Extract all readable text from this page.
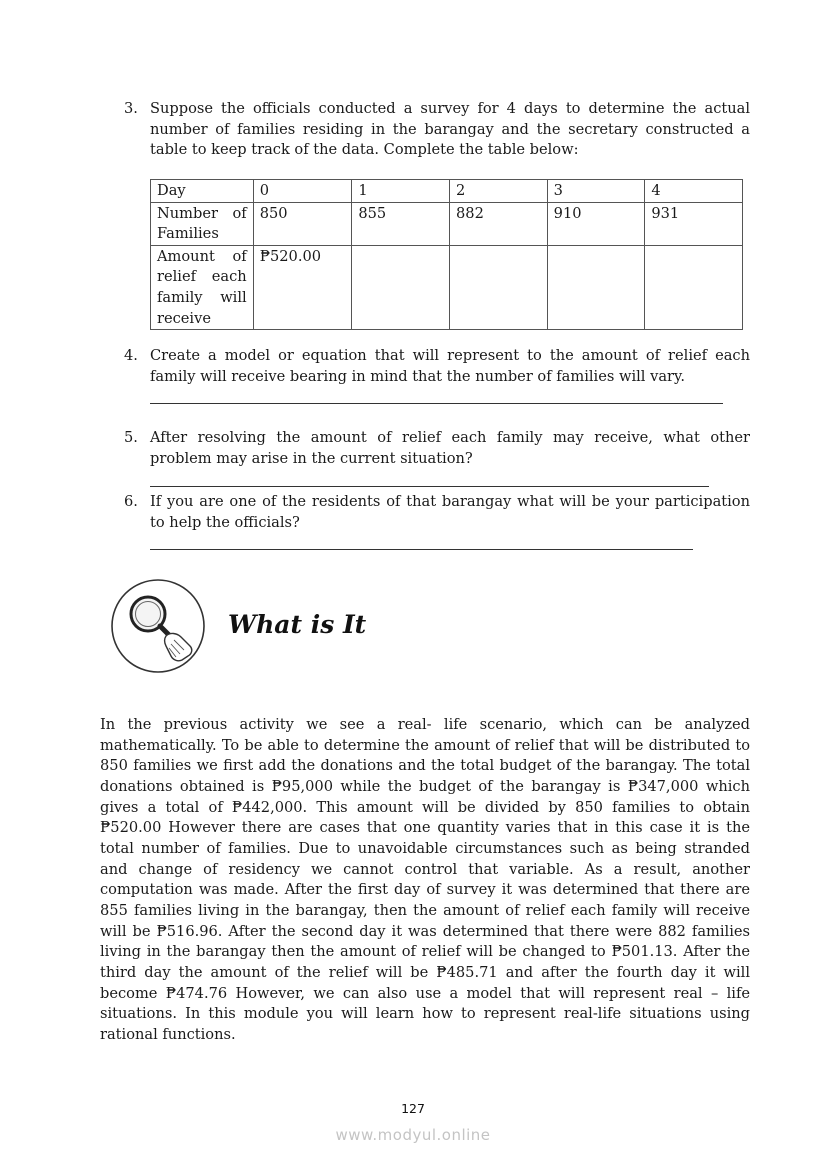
3. Suppose the officials conducted a survey for 4 days to determine the actual number of families residing in the barangay and the secretary constructed a table to keep track of the data. Complete the table below:
Day	0	1	2	3	4

Number of
Families	850	855	882	910	931

Amount of
relief each
family will
receive	₱520.00				
4. Create a model or equation that will represent to the amount of relief each family will receive bearing in mind that the number of families will vary.
5. After resolving the amount of relief each family may receive, what other problem may arise in the current situation?
6. If you are one of the residents of that barangay what will be your participation to help the officials?
What is It
In the previous activity we see a real- life scenario, which can be analyzed mathematically. To be able to determine the amount of relief that will be distributed to 850 families we first add the donations and the total budget of the barangay. The total donations obtained is ₱95,000 while the budget of the barangay is ₱347,000 which gives a total of ₱442,000. This amount will be divided by 850 families to obtain ₱520.00 However there are cases that one quantity varies that in this case it is the total number of families. Due to unavoidable circumstances such as being stranded and change of residency we cannot control that variable. As a result, another computation was made. After the first day of survey it was determined that there are 855 families living in the barangay, then the amount of relief each family will receive will be ₱516.96. After the second day it was determined that there were 882 families living in the barangay then the amount of relief will be changed to ₱501.13. After the third day the amount of the relief will be ₱485.71 and after the fourth day it will become ₱474.76 However, we can also use a model that will represent real – life situations. In this module you will learn how to represent real-life situations using rational functions.
127
www.modyul.online
